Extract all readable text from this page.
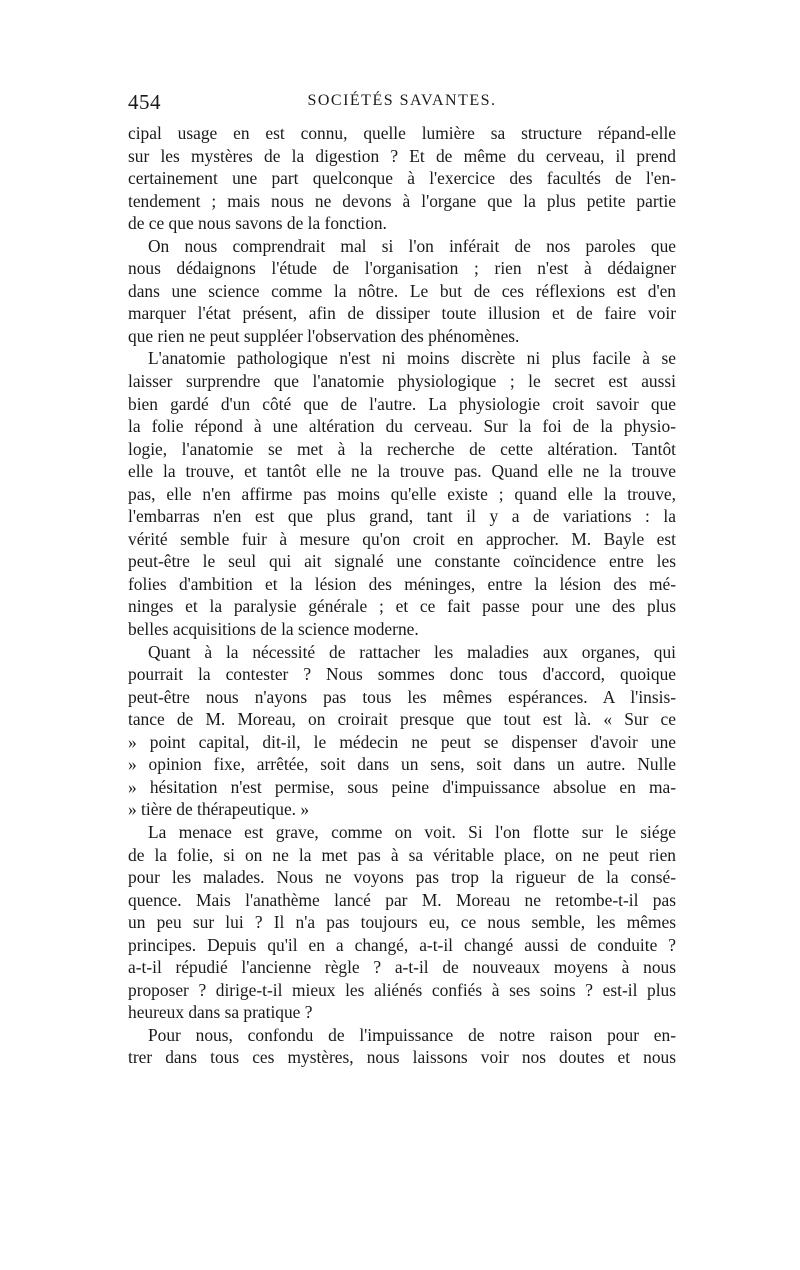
454	SOCIÉTÉS SAVANTES.
cipal usage en est connu, quelle lumière sa structure répand-elle
sur les mystères de la digestion ? Et de même du cerveau, il prend
certainement une part quelconque à l'exercice des facultés de l'en-
tendement ; mais nous ne devons à l'organe que la plus petite partie
de ce que nous savons de la fonction.
On nous comprendrait mal si l'on inférait de nos paroles que
nous dédaignons l'étude de l'organisation ; rien n'est à dédaigner
dans une science comme la nôtre. Le but de ces réflexions est d'en
marquer l'état présent, afin de dissiper toute illusion et de faire voir
que rien ne peut suppléer l'observation des phénomènes.
L'anatomie pathologique n'est ni moins discrète ni plus facile à se
laisser surprendre que l'anatomie physiologique ; le secret est aussi
bien gardé d'un côté que de l'autre. La physiologie croit savoir que
la folie répond à une altération du cerveau. Sur la foi de la physio-
logie, l'anatomie se met à la recherche de cette altération. Tantôt
elle la trouve, et tantôt elle ne la trouve pas. Quand elle ne la trouve
pas, elle n'en affirme pas moins qu'elle existe ; quand elle la trouve,
l'embarras n'en est que plus grand, tant il y a de variations : la
vérité semble fuir à mesure qu'on croit en approcher. M. Bayle est
peut-être le seul qui ait signalé une constante coïncidence entre les
folies d'ambition et la lésion des méninges, entre la lésion des mé-
ninges et la paralysie générale ; et ce fait passe pour une des plus
belles acquisitions de la science moderne.
Quant à la nécessité de rattacher les maladies aux organes, qui
pourrait la contester ? Nous sommes donc tous d'accord, quoique
peut-être nous n'ayons pas tous les mêmes espérances. A l'insis-
tance de M. Moreau, on croirait presque que tout est là. « Sur ce
» point capital, dit-il, le médecin ne peut se dispenser d'avoir une
» opinion fixe, arrêtée, soit dans un sens, soit dans un autre. Nulle
» hésitation n'est permise, sous peine d'impuissance absolue en ma-
» tière de thérapeutique. »
La menace est grave, comme on voit. Si l'on flotte sur le siége
de la folie, si on ne la met pas à sa véritable place, on ne peut rien
pour les malades. Nous ne voyons pas trop la rigueur de la consé-
quence. Mais l'anathème lancé par M. Moreau ne retombe-t-il pas
un peu sur lui ? Il n'a pas toujours eu, ce nous semble, les mêmes
principes. Depuis qu'il en a changé, a-t-il changé aussi de conduite ?
a-t-il répudié l'ancienne règle ? a-t-il de nouveaux moyens à nous
proposer ? dirige-t-il mieux les aliénés confiés à ses soins ? est-il plus
heureux dans sa pratique ?
Pour nous, confondu de l'impuissance de notre raison pour en-
trer dans tous ces mystères, nous laissons voir nos doutes et nous
